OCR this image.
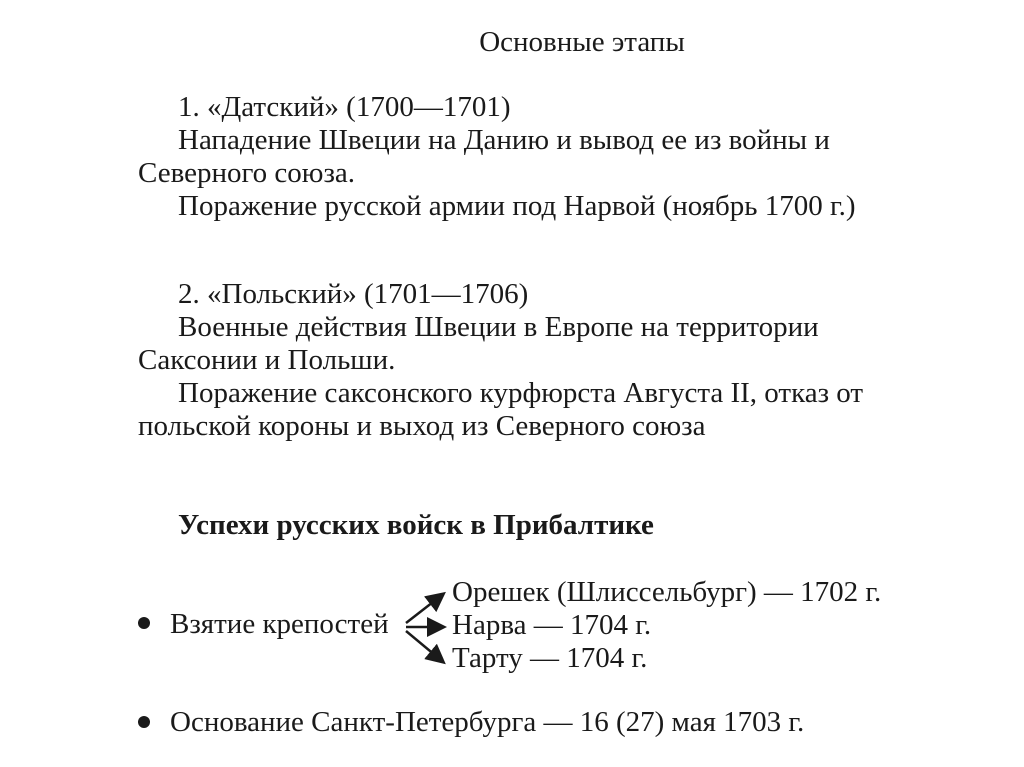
Основные этапы
1. «Датский» (1700—1701)
Нападение Швеции на Данию и вывод ее из войны и
Северного союза.
Поражение русской армии под Нарвой (ноябрь 1700 г.)
2. «Польский» (1701—1706)
Военные действия Швеции в Европе на территории
Саксонии и Польши.
Поражение саксонского курфюрста Августа II, отказ от
польской короны и выход из Северного союза
Успехи русских войск в Прибалтике
Орешек (Шлиссельбург) — 1702 г.
Нарва — 1704 г.
Тарту — 1704 г.
Взятие крепостей
Основание Санкт-Петербурга — 16 (27) мая 1703 г.
